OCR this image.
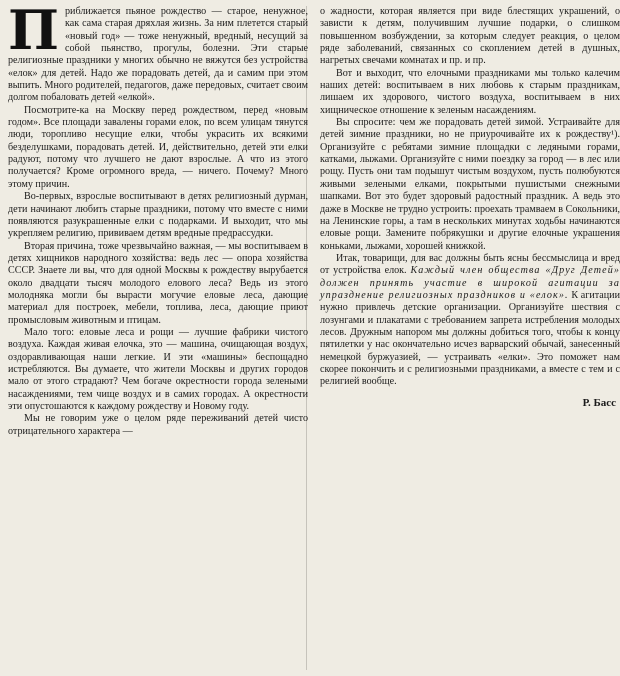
Приближается пьяное рождество — старое, ненужное, как сама старая дряхлая жизнь. За ним плетется старый «новый год» — тоже ненужный, вредный, несущий за собой пьянство, прогулы, болезни. Эти старые религиозные праздники у многих обычно не вяжутся без устройства «елок» для детей. Надо же порадовать детей, да и самим при этом выпить. Много родителей, педагогов, даже передовых, считает своим долгом побаловать детей «елкой».

Посмотрите-ка на Москву перед рождеством, перед «новым годом». Все площади завалены горами елок, по всем улицам тянутся люди, торопливо несущие елки, чтобы украсить их всякими безделушками, порадовать детей. И, действительно, детей эти елки радуют, потому что лучшего не дают взрослые. А что из этого получается? Кроме огромного вреда, — ничего. Почему? Много этому причин.

Во-первых, взрослые воспитывают в детях религиозный дурман, дети начинают любить старые праздники, потому что вместе с ними появляются разукрашенные елки с подарками. И выходит, что мы укрепляем религию, прививаем детям вредные предрассудки.

Вторая причина, тоже чрезвычайно важная, — мы воспитываем в детях хищников народного хозяйства: ведь лес — опора хозяйства СССР. Знаете ли вы, что для одной Москвы к рождеству вырубается около двадцати тысяч молодого елового леса? Ведь из этого молодняка могли бы вырасти могучие еловые леса, дающие материал для построек, мебели, топлива, леса, дающие приют промысловым животным и птицам.

Мало того: еловые леса и рощи — лучшие фабрики чистого воздуха. Каждая живая елочка, это — машина, очищающая воздух, оздоравливающая наши легкие. И эти «машины» беспощадно истребляются. Вы думаете, что жители Москвы и других городов мало от этого страдают? Чем богаче окрестности города зелеными насаждениями, тем чище воздух и в самих городах. А окрестности эти опустошаются к каждому рождеству и Новому году.

Мы не говорим уже о целом ряде переживаний детей чисто отрицательного характера —

о жадности, которая является при виде блестящих украшений, о зависти к детям, получившим лучшие подарки, о слишком повышенном возбуждении, за которым следует реакция, о целом ряде заболеваний, связанных со скоплением детей в душных, нагретых свечами комнатах и пр. и пр.

Вот и выходит, что елочными праздниками мы только калечим наших детей: воспитываем в них любовь к старым праздникам, лишаем их здорового, чистого воздуха, воспитываем в них хищническое отношение к зеленым насаждениям.

Вы спросите: чем же порадовать детей зимой. Устраивайте для детей зимние праздники, но не приурочивайте их к рождеству¹). Организуйте с ребятами зимние площадки с ледяными горами, катками, лыжами. Организуйте с ними поездку за город — в лес или рощу. Пусть они там подышут чистым воздухом, пусть полюбуются живыми зелеными елками, покрытыми пушистыми снежными шапками. Вот это будет здоровый радостный праздник. А ведь это даже в Москве не трудно устроить: проехать трамваем в Сокольники, на Ленинские горы, а там в нескольких минутах ходьбы начинаются еловые рощи. Замените побрякушки и другие елочные украшения коньками, лыжами, хорошей книжкой.

Итак, товарищи, для вас должны быть ясны бессмыслица и вред от устройства елок. Каждый член общества «Друг Детей» должен принять участие в широкой агитации за упразднение религиозных праздников и «елок». К агитации нужно привлечь детские организации. Организуйте шествия с лозунгами и плакатами с требованием запрета истребления молодых лесов. Дружным напором мы должны добиться того, чтобы к концу пятилетки у нас окончательно исчез варварский обычай, занесенный немецкой буржуазией, — устраивать «елки». Это поможет нам скорее покончить и с религиозными праздниками, а вместе с тем и с религией вообще.

Р. Басс
